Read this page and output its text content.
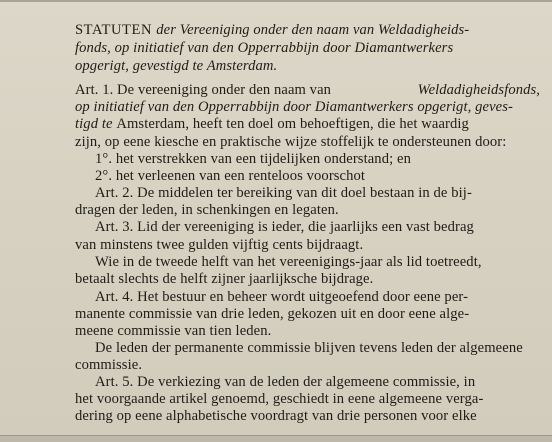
STATUTEN der Vereeniging onder den naam van Weldadigheids-
fonds, op initiatief van den Opperrabbijn door Diamantwerkers
opgerigt, gevestigd te Amsterdam.
Art. 1. De vereeniging onder den naam van	Weldadigheidsfonds,
op initiatief van den Opperrabbijn door Diamantwerkers opgerigt, geves-
tigd te Amsterdam, heeft ten doel om behoeftigen, die het waardig
zijn, op eene kiesche en praktische wijze stoffelijk te ondersteunen door:
1°. het verstrekken van een tijdelijken onderstand; en
2°. het verleenen van een renteloos voorschot
Art. 2. De middelen ter bereiking van dit doel bestaan in de bij-
dragen der leden, in schenkingen en legaten.
Art. 3. Lid der vereeniging is ieder, die jaarlijks een vast bedrag
van minstens twee gulden vijftig cents bijdraagt.
Wie in de tweede helft van het vereenigings-jaar als lid toetreedt,
betaalt slechts de helft zijner jaarlijksche bijdrage.
Art. 4. Het bestuur en beheer wordt uitgeoefend door eene per-
manente commissie van drie leden, gekozen uit en door eene alge-
meene commissie van tien leden.
De leden der permanente commissie blijven tevens leden der algemeene
commissie.
Art. 5. De verkiezing van de leden der algemeene commissie, in
het voorgaande artikel genoemd, geschiedt in eene algemeene verga-
dering op eene alphabetische voordragt van drie personen voor elke
